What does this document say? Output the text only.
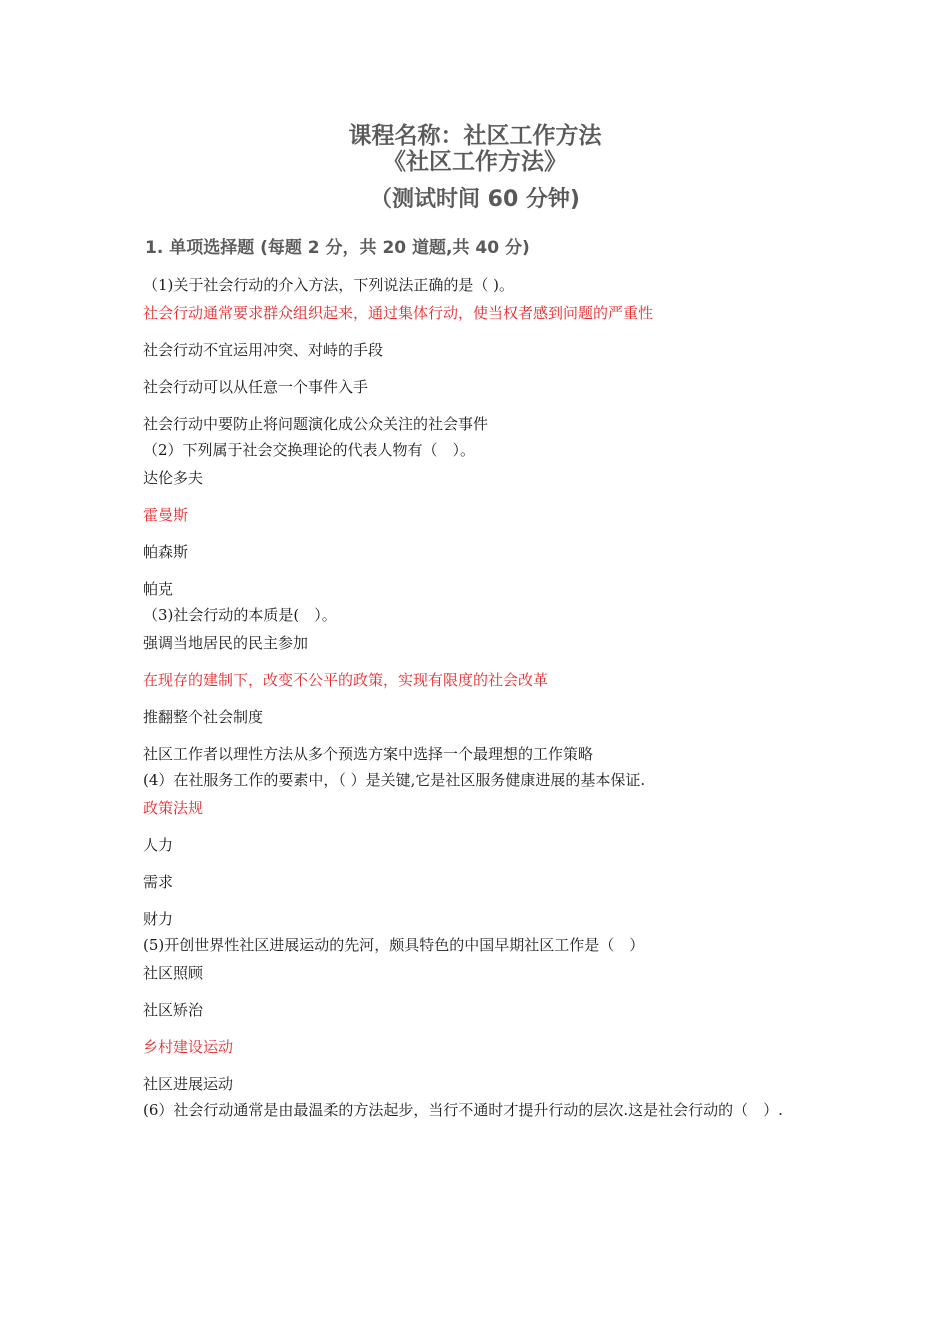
课程名称：社区工作方法
《社区工作方法》
（测试时间 60 分钟)
1. 单项选择题 (每题 2 分，共 20 道题,共 40 分)
（1)关于社会行动的介入方法，下列说法正确的是（ )。
社会行动通常要求群众组织起来，通过集体行动，使当权者感到问题的严重性
社会行动不宜运用冲突、对峙的手段
社会行动可以从任意一个事件入手
社会行动中要防止将问题演化成公众关注的社会事件
（2）下列属于社会交换理论的代表人物有（　）。
达伦多夫
霍曼斯
帕森斯
帕克
（3)社会行动的本质是(　）。
强调当地居民的民主参加
在现存的建制下，改变不公平的政策，实现有限度的社会改革
推翻整个社会制度
社区工作者以理性方法从多个预选方案中选择一个最理想的工作策略
(4）在社服务工作的要素中，（ ）是关键,它是社区服务健康进展的基本保证.
政策法规
人力
需求
财力
(5)开创世界性社区进展运动的先河，颇具特色的中国早期社区工作是（　）
社区照顾
社区矫治
乡村建设运动
社区进展运动
(6）社会行动通常是由最温柔的方法起步，当行不通时才提升行动的层次.这是社会行动的（　）.
